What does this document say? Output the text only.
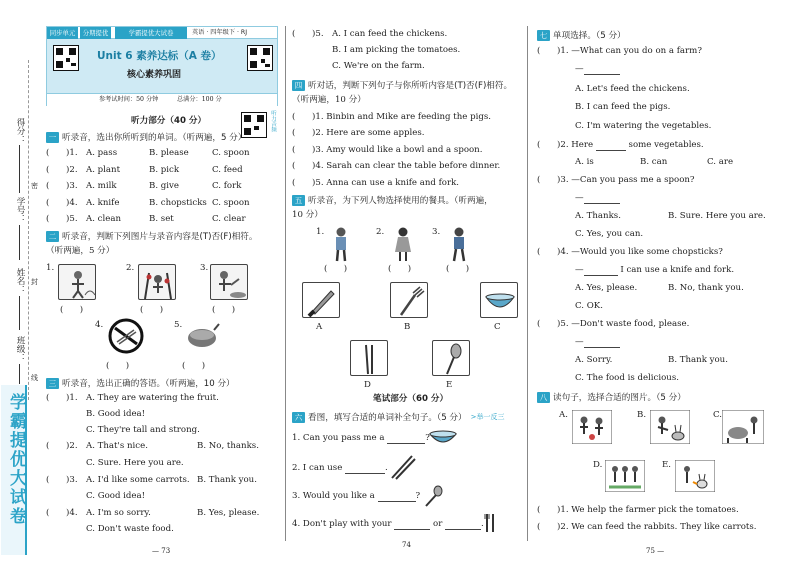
得分：
学号：
姓名：
班级：
密
封
线
学霸提优大试卷
同步单元	分期提优	学霸提优大试卷	英语 · 四年级下 · RJ
Unit 6 素养达标（A 卷）
核心素养巩固
参考试时间：50 分钟	总满分：100 分
听力音频
听力部分（40 分）
一 听录音，选出你所听到的单词。（听两遍，5 分）
( )1. A. pass	B. please	C. spoon
( )2. A. plant	B. pick	C. feed
( )3. A. milk	B. give	C. fork
( )4. A. knife	B. chopsticks C. spoon
( )5. A. clean	B. set	C. clear
二 听录音，判断下列图片与录音内容是(T)否(F)相符。
（听两遍，5 分）
1.	2.	3.
(      )	(      )	(      )
4.	5.
(      )	(      )
三 听录音，选出正确的答语。（听两遍，10 分）
( )1. A. They are watering the fruit.
B. Good idea!
C. They're tall and strong.
( )2. A. That's nice.	B. No, thanks.
C. Sure. Here you are.
( )3. A. I'd like some carrots. B. Thank you.
C. Good idea!
( )4. A. I'm so sorry.	B. Yes, please.
C. Don't waste food.
— 73
( )5. A. I can feed the chickens.
B. I am picking the tomatoes.
C. We're on the farm.
四 听对话，判断下列句子与你所听内容是(T)否(F)相符。
（听两遍，10 分）
( )1. Binbin and Mike are feeding the pigs.
( )2. Here are some apples.
( )3. Amy would like a bowl and a spoon.
( )4. Sarah can clear the table before dinner.
( )5. Anna can use a knife and fork.
五 听录音，为下列人物选择使用的餐具。（听两遍，
10 分）
1.	2.	3.
(      )	(      )	(      )
A	B	C
D	E
笔试部分（60 分）
六 看图，填写合适的单词补全句子。（5 分） >举一反三
1. Can you pass me a	?
2. I can use	.
3. Would you like a	?
4. Don't play with your	or	.
74
七 单项选择。（5 分）
( )1. —What can you do on a farm?
—
A. Let's feed the chickens.
B. I can feed the pigs.
C. I'm watering the vegetables.
( )2. Here	some vegetables.
A. is	B. can	C. are
( )3. —Can you pass me a spoon?
—
A. Thanks.	B. Sure. Here you are.
C. Yes, you can.
( )4. —Would you like some chopsticks?
—	I can use a knife and fork.
A. Yes, please.	B. No, thank you.
C. OK.
( )5. —Don't waste food, please.
—
A. Sorry.	B. Thank you.
C. The food is delicious.
八 读句子，选择合适的图片。（5 分）
A.	B.	C.
D.	E.
( )1. We help the farmer pick the tomatoes.
( )2. We can feed the rabbits. They like carrots.
75 —
